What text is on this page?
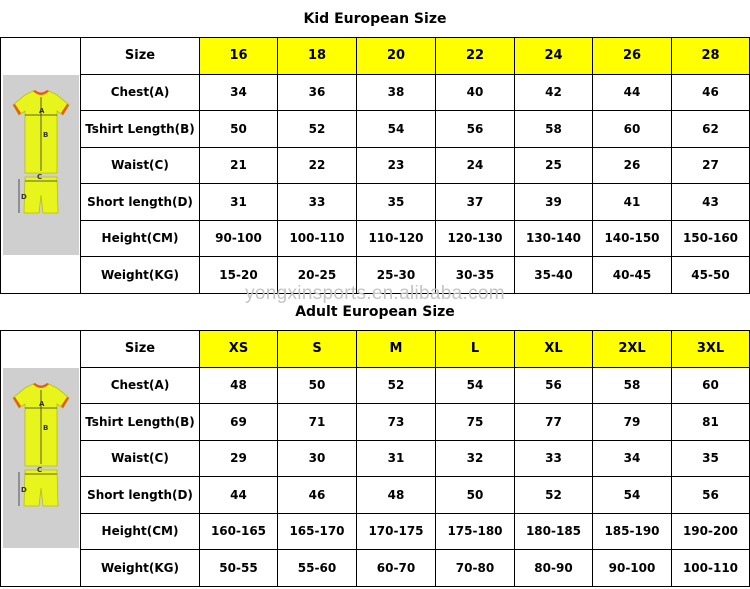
Kid European Size
A
B
C
D	Size	16	18	20	22	24	26	28
	Chest(A)	34	36	38	40	42	44	46
	Tshirt Length(B)	50	52	54	56	58	60	62
	Waist(C)	21	22	23	24	25	26	27
	Short length(D)	31	33	35	37	39	41	43
	Height(CM)	90-100	100-110	110-120	120-130	130-140	140-150	150-160
	Weight(KG)	15-20	20-25	25-30	30-35	35-40	40-45	45-50
Adult European Size
A
B
C
D	Size	XS	S	M	L	XL	2XL	3XL
	Chest(A)	48	50	52	54	56	58	60
	Tshirt Length(B)	69	71	73	75	77	79	81
	Waist(C)	29	30	31	32	33	34	35
	Short length(D)	44	46	48	50	52	54	56
	Height(CM)	160-165	165-170	170-175	175-180	180-185	185-190	190-200
	Weight(KG)	50-55	55-60	60-70	70-80	80-90	90-100	100-110
yongxinsports.en.alibaba.com
